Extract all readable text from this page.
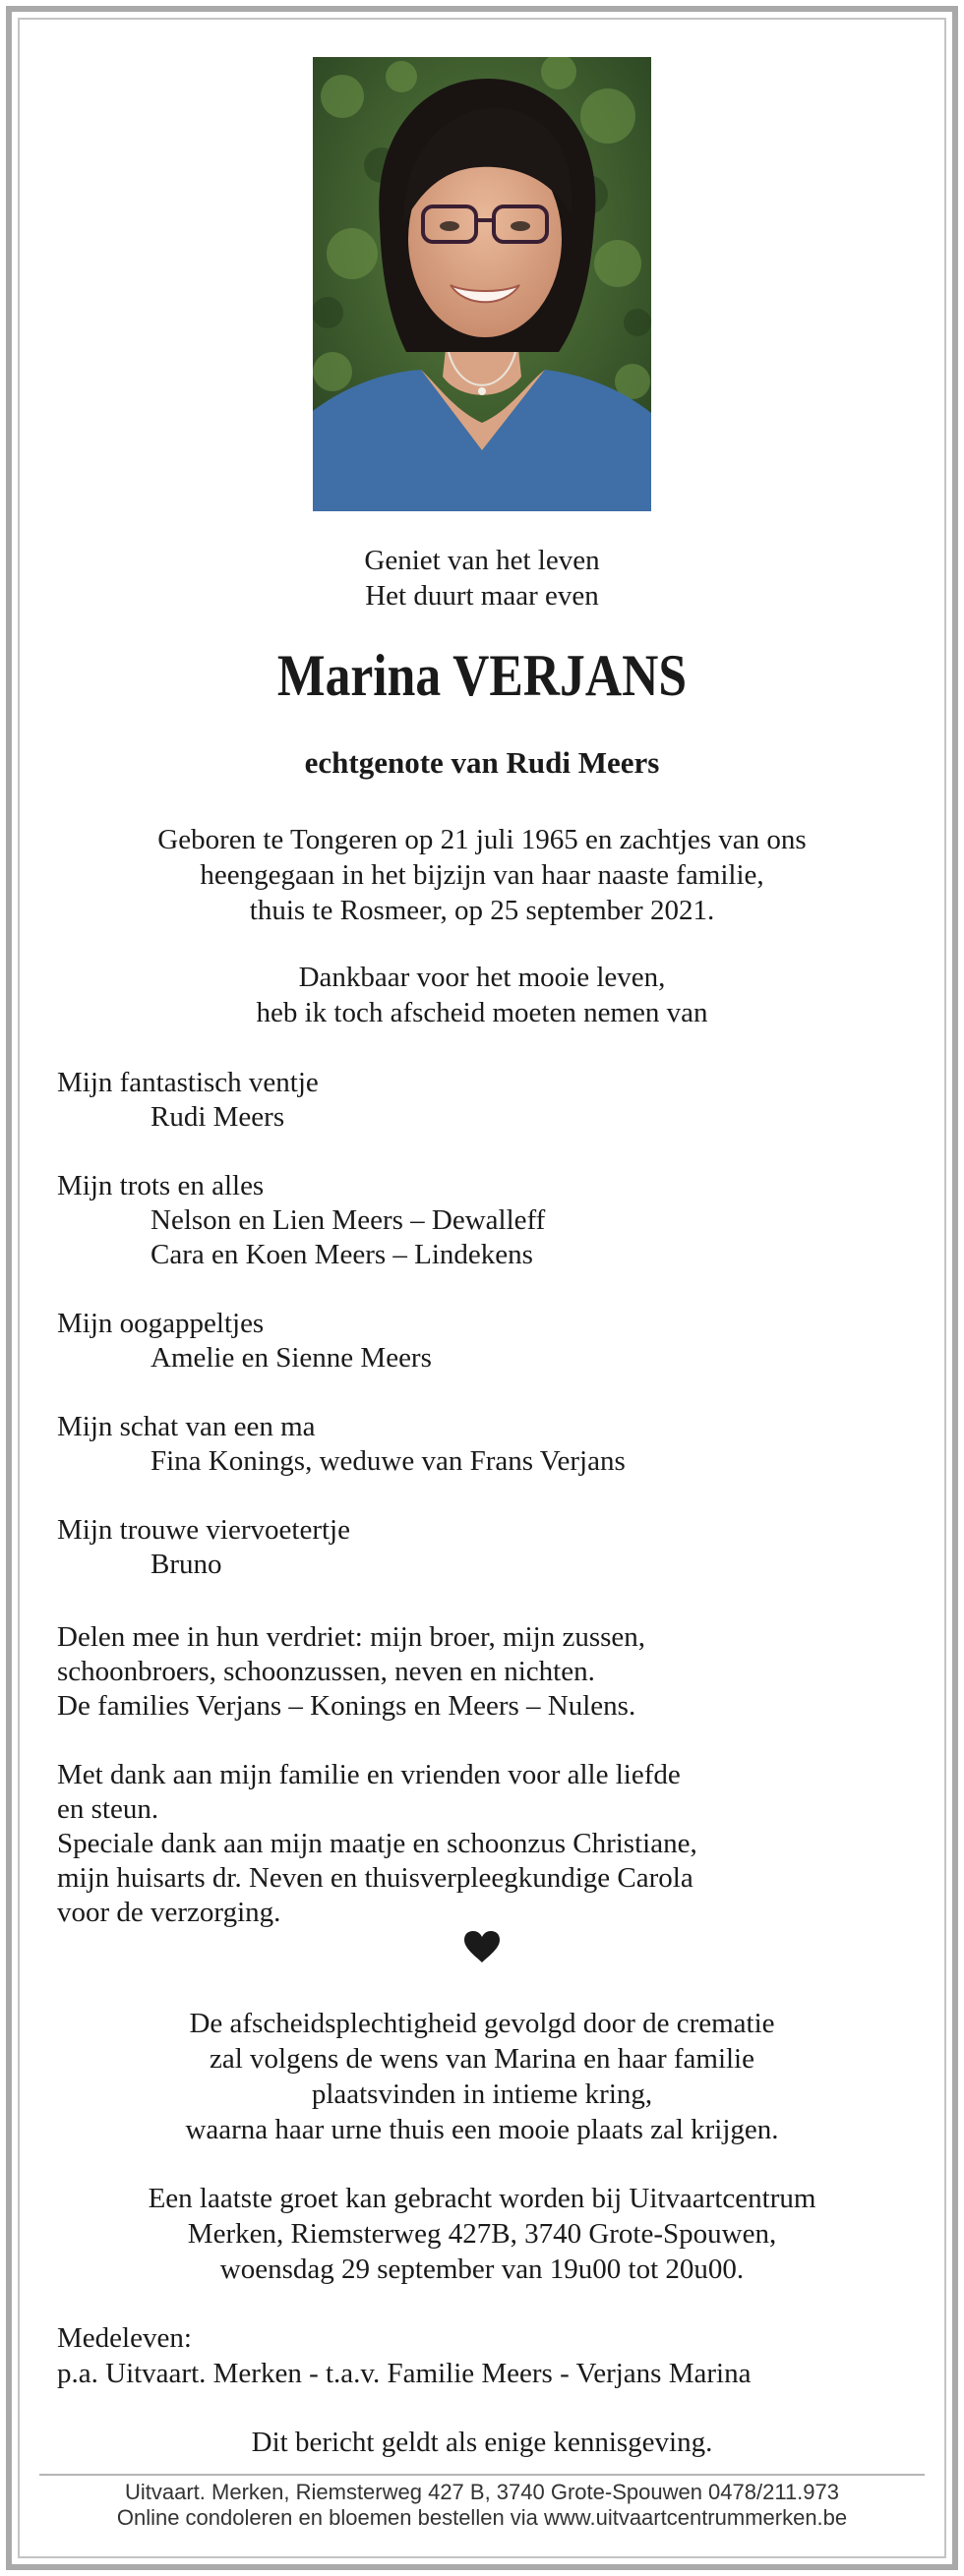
Geniet van het leven
Het duurt maar even
Marina VERJANS
echtgenote van Rudi Meers
Geboren te Tongeren op 21 juli 1965 en zachtjes van ons
heengegaan in het bijzijn van haar naaste familie,
thuis te Rosmeer, op 25 september 2021.
Dankbaar voor het mooie leven,
heb ik toch afscheid moeten nemen van
Mijn fantastisch ventje
Rudi Meers
Mijn trots en alles
Nelson en Lien Meers – Dewalleff
Cara en Koen Meers – Lindekens
Mijn oogappeltjes
Amelie en Sienne Meers
Mijn schat van een ma
Fina Konings, weduwe van Frans Verjans
Mijn trouwe viervoetertje
Bruno
Delen mee in hun verdriet: mijn broer, mijn zussen,
schoonbroers, schoonzussen, neven en nichten.
De families Verjans – Konings en Meers – Nulens.
Met dank aan mijn familie en vrienden voor alle liefde
en steun.
Speciale dank aan mijn maatje en schoonzus Christiane,
mijn huisarts dr. Neven en thuisverpleegkundige Carola
voor de verzorging.
De afscheidsplechtigheid gevolgd door de crematie
zal volgens de wens van Marina en haar familie
plaatsvinden in intieme kring,
waarna haar urne thuis een mooie plaats zal krijgen.
Een laatste groet kan gebracht worden bij Uitvaartcentrum
Merken, Riemsterweg 427B, 3740 Grote-Spouwen,
woensdag 29 september van 19u00 tot 20u00.
Medeleven:
p.a. Uitvaart. Merken - t.a.v. Familie Meers - Verjans Marina
Dit bericht geldt als enige kennisgeving.
Uitvaart. Merken, Riemsterweg 427 B, 3740 Grote-Spouwen 0478/211.973
Online condoleren en bloemen bestellen via www.uitvaartcentrummerken.be
